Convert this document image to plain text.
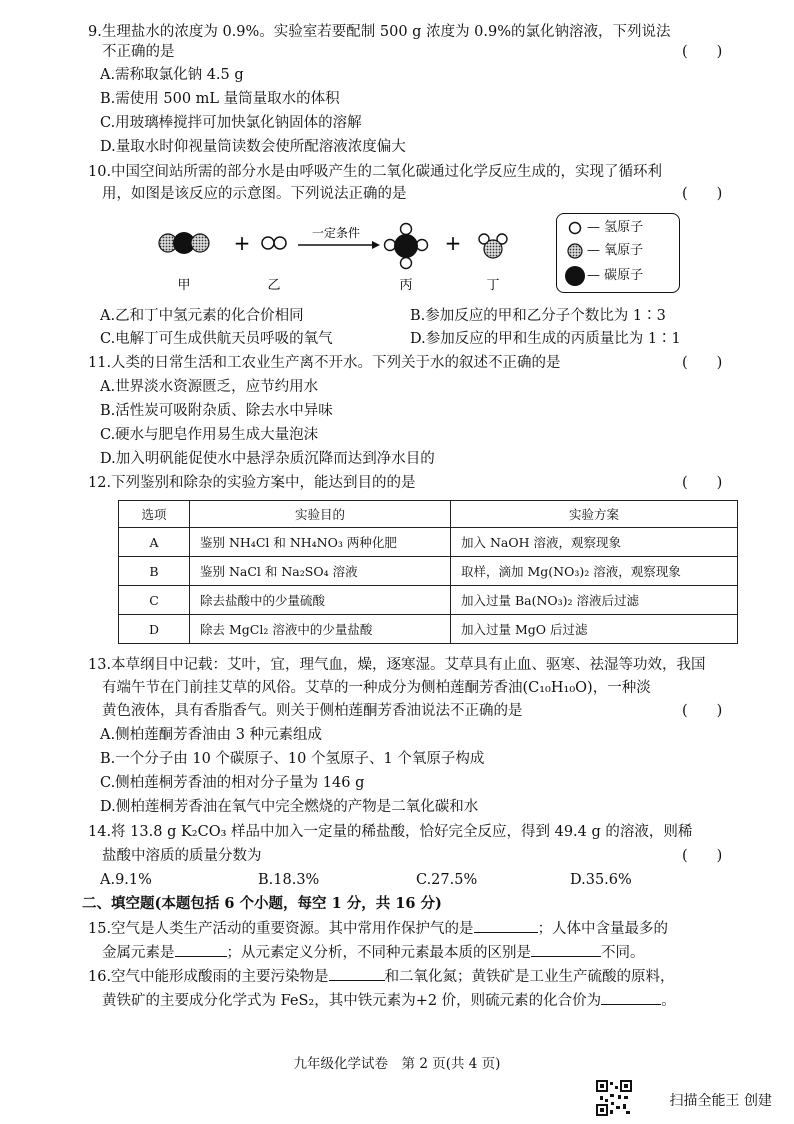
9.生理盐水的浓度为 0.9%。实验室若要配制 500 g 浓度为 0.9%的氯化钠溶液，下列说法
不正确的是	(　　)
A.需称取氯化钠 4.5 g
B.需使用 500 mL 量筒量取水的体积
C.用玻璃棒搅拌可加快氯化钠固体的溶解
D.量取水时仰视量筒读数会使所配溶液浓度偏大
10.中国空间站所需的部分水是由呼吸产生的二氧化碳通过化学反应生成的，实现了循环利
用，如图是该反应的示意图。下列说法正确的是	(　　)
+	一定条件	+
甲	乙	丙	丁
— 氢原子
— 氧原子
— 碳原子
A.乙和丁中氢元素的化合价相同	B.参加反应的甲和乙分子个数比为 1∶3
C.电解丁可生成供航天员呼吸的氧气	D.参加反应的甲和生成的丙质量比为 1∶1
11.人类的日常生活和工农业生产离不开水。下列关于水的叙述不正确的是	(　　)
A.世界淡水资源匮乏，应节约用水
B.活性炭可吸附杂质、除去水中异味
C.硬水与肥皂作用易生成大量泡沫
D.加入明矾能促使水中悬浮杂质沉降而达到净水目的
12.下列鉴别和除杂的实验方案中，能达到目的的是	(　　)
选项	实验目的	实验方案
A	鉴别 NH₄Cl 和 NH₄NO₃ 两种化肥	加入 NaOH 溶液，观察现象
B	鉴别 NaCl 和 Na₂SO₄ 溶液	取样，滴加 Mg(NO₃)₂ 溶液，观察现象
C	除去盐酸中的少量硫酸	加入过量 Ba(NO₃)₂ 溶液后过滤
D	除去 MgCl₂ 溶液中的少量盐酸	加入过量 MgO 后过滤
13.本草纲目中记载：艾叶，宜，理气血，燥，逐寒湿。艾草具有止血、驱寒、祛湿等功效，我国
有端午节在门前挂艾草的风俗。艾草的一种成分为侧柏莲酮芳香油(C₁₀H₁₀O)，一种淡
黄色液体，具有香脂香气。则关于侧柏莲酮芳香油说法不正确的是	(　　)
A.侧柏莲酮芳香油由 3 种元素组成
B.一个分子由 10 个碳原子、10 个氢原子、1 个氧原子构成
C.侧柏莲桐芳香油的相对分子量为 146 g
D.侧柏莲桐芳香油在氧气中完全燃烧的产物是二氧化碳和水
14.将 13.8 g K₂CO₃ 样品中加入一定量的稀盐酸，恰好完全反应，得到 49.4 g 的溶液，则稀
盐酸中溶质的质量分数为	(　　)
A.9.1%	B.18.3%	C.27.5%	D.35.6%
二、填空题(本题包括 6 个小题，每空 1 分，共 16 分)
15.空气是人类生产活动的重要资源。其中常用作保护气的是	；人体中含量最多的
金属元素是	；从元素定义分析，不同种元素最本质的区别是	不同。
16.空气中能形成酸雨的主要污染物是	和二氧化氮；黄铁矿是工业生产硫酸的原料，
黄铁矿的主要成分化学式为 FeS₂，其中铁元素为+2 价，则硫元素的化合价为	。
九年级化学试卷　第 2 页(共 4 页)
扫描全能王 创建
